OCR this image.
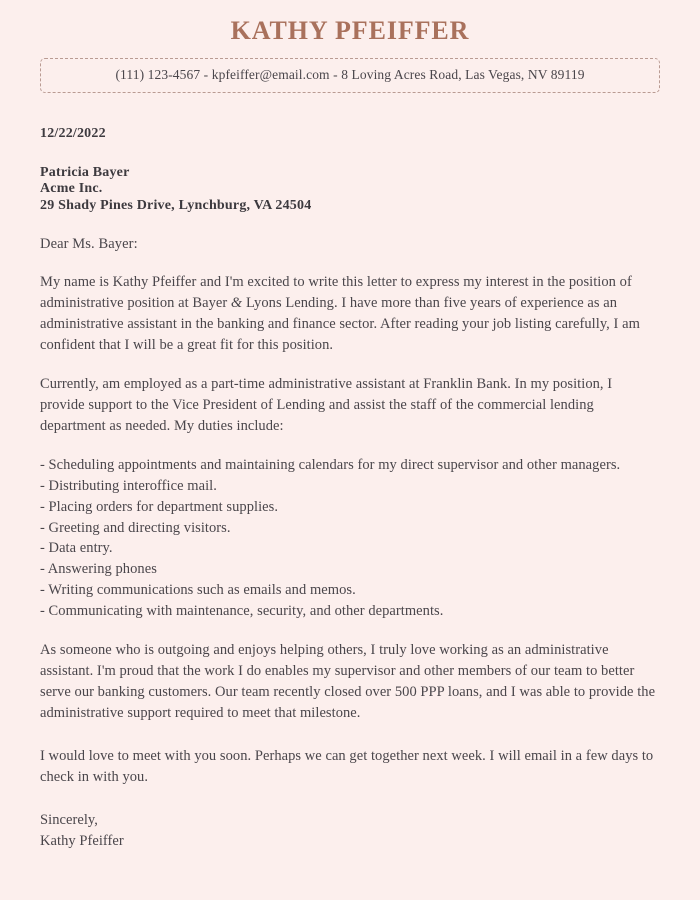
KATHY PFEIFFER
(111) 123-4567 - kpfeiffer@email.com - 8 Loving Acres Road, Las Vegas, NV 89119
12/22/2022
Patricia Bayer
Acme Inc.
29 Shady Pines Drive, Lynchburg, VA 24504
Dear Ms. Bayer:

My name is Kathy Pfeiffer and I'm excited to write this letter to express my interest in the position of administrative position at Bayer & Lyons Lending. I have more than five years of experience as an administrative assistant in the banking and finance sector. After reading your job listing carefully, I am confident that I will be a great fit for this position.

Currently, am employed as a part-time administrative assistant at Franklin Bank. In my position, I provide support to the Vice President of Lending and assist the staff of the commercial lending department as needed. My duties include:

- Scheduling appointments and maintaining calendars for my direct supervisor and other managers.
- Distributing interoffice mail.
- Placing orders for department supplies.
- Greeting and directing visitors.
- Data entry.
- Answering phones
- Writing communications such as emails and memos.
- Communicating with maintenance, security, and other departments.

As someone who is outgoing and enjoys helping others, I truly love working as an administrative assistant. I'm proud that the work I do enables my supervisor and other members of our team to better serve our banking customers. Our team recently closed over 500 PPP loans, and I was able to provide the administrative support required to meet that milestone.

I would love to meet with you soon. Perhaps we can get together next week. I will email in a few days to check in with you.

Sincerely,
Kathy Pfeiffer
